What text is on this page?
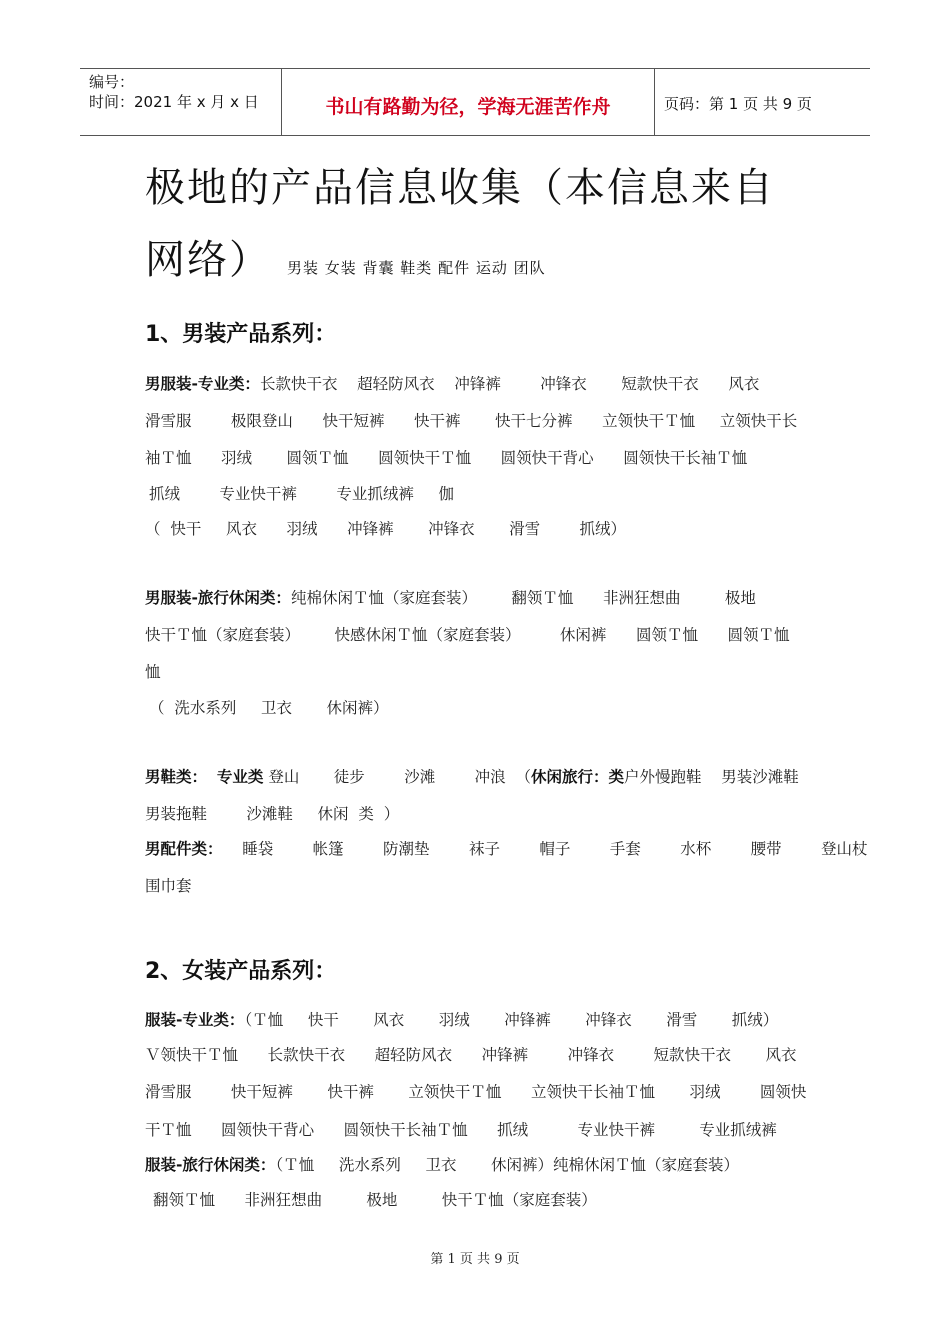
编号：
时间：2021 年 x 月 x 日	书山有路勤为径，学海无涯苦作舟	页码：第 1 页 共 9 页
极地的产品信息收集（本信息来自
网络） 男装 女装 背囊 鞋类 配件 运动 团队
1、男装产品系列：
男服装-专业类：长款快干衣    超轻防风衣    冲锋裤        冲锋衣       短款快干衣      风衣
滑雪服        极限登山      快干短裤      快干裤       快干七分裤      立领快干Ｔ恤     立领快干长
袖Ｔ恤      羽绒       圆领Ｔ恤      圆领快干Ｔ恤      圆领快干背心      圆领快干长袖Ｔ恤
抓绒        专业快干裤        专业抓绒裤     伽
（  快干     风衣      羽绒      冲锋裤       冲锋衣       滑雪        抓绒）
男服装-旅行休闲类：纯棉休闲Ｔ恤（家庭套装）       翻领Ｔ恤      非洲狂想曲         极地
快干Ｔ恤（家庭套装）       快感休闲Ｔ恤（家庭套装）        休闲裤      圆领Ｔ恤      圆领Ｔ恤
恤
（  洗水系列     卫衣       休闲裤）
男鞋类： 专业类 登山       徒步        沙滩        冲浪  （休闲旅行：类户外慢跑鞋    男装沙滩鞋
男装拖鞋        沙滩鞋     休闲  类  ）
男配件类：    睡袋        帐篷        防潮垫        袜子        帽子        手套        水杯        腰带        登山杖
围巾套
2、女装产品系列：
服装-专业类：（Ｔ恤     快干       风衣       羽绒       冲锋裤       冲锋衣       滑雪       抓绒）
Ｖ领快干Ｔ恤      长款快干衣      超轻防风衣      冲锋裤        冲锋衣        短款快干衣       风衣
滑雪服        快干短裤       快干裤       立领快干Ｔ恤      立领快干长袖Ｔ恤       羽绒        圆领快
干Ｔ恤      圆领快干背心      圆领快干长袖Ｔ恤      抓绒          专业快干裤         专业抓绒裤
服装-旅行休闲类：（Ｔ恤     洗水系列     卫衣       休闲裤）纯棉休闲Ｔ恤（家庭套装）
翻领Ｔ恤      非洲狂想曲         极地         快干Ｔ恤（家庭套装）
第 1 页 共 9 页
